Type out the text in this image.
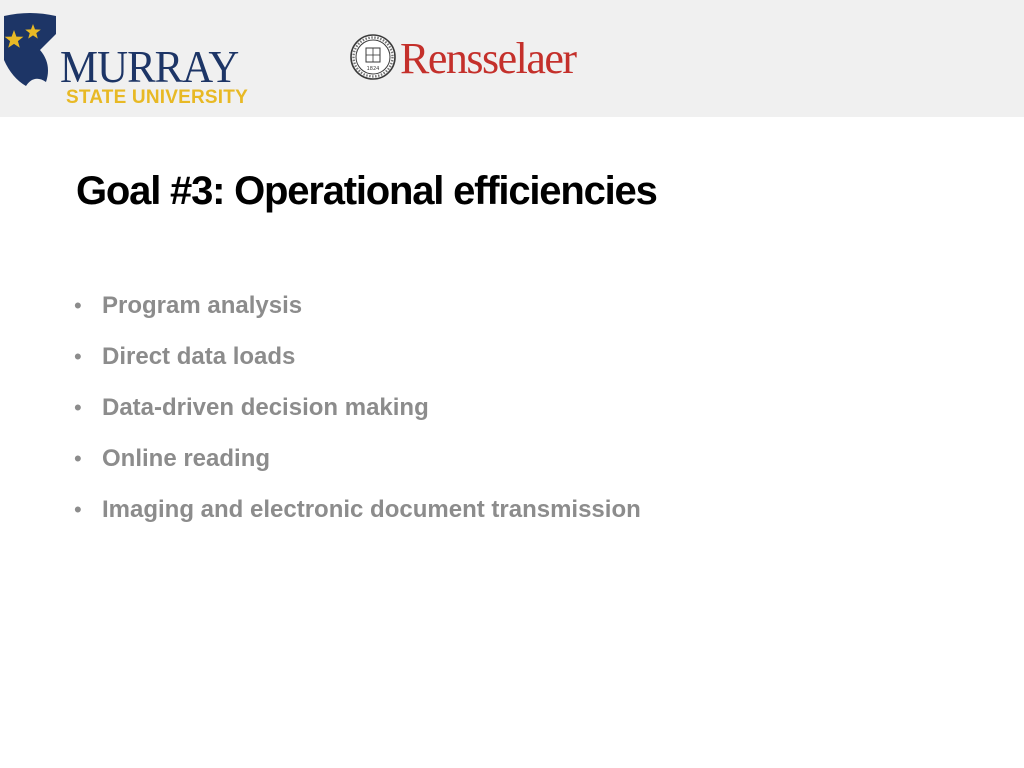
MURRAY
STATE UNIVERSITY
1824 Rensselaer
Goal #3: Operational efficiencies
• Program analysis
• Direct data loads
• Data-driven decision making
• Online reading
• Imaging and electronic document transmission
